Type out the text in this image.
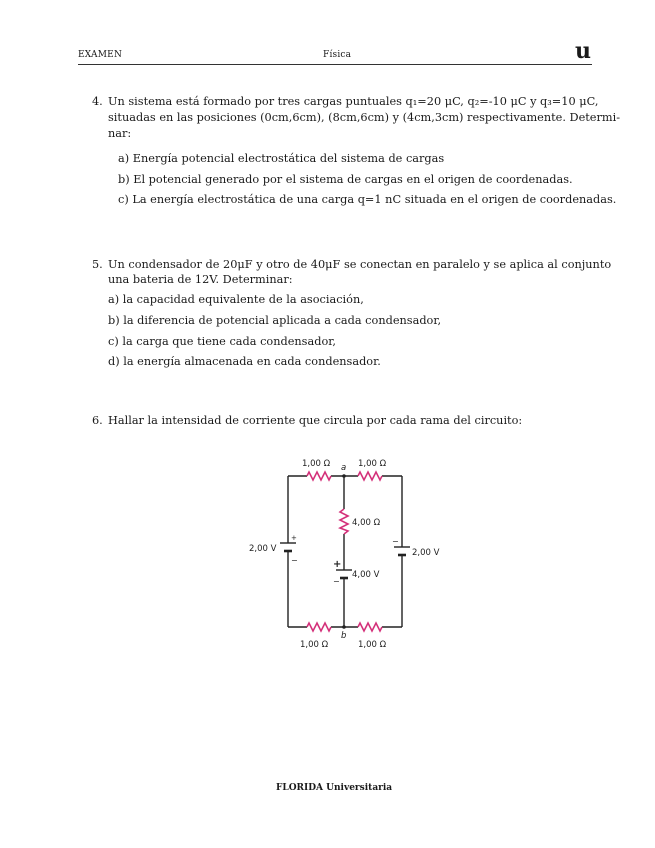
EXAMEN	Física	u
4. Un sistema está formado por tres cargas puntuales q₁=20 μC, q₂=-10 μC y q₃=10 μC,
situadas en las posiciones (0cm,6cm), (8cm,6cm) y (4cm,3cm) respectivamente. Determi-
nar:
a) Energía potencial electrostática del sistema de cargas
b) El potencial generado por el sistema de cargas en el origen de coordenadas.
c) La energía electrostática de una carga q=1 nC situada en el origen de coordenadas.
5. Un condensador de 20μF y otro de 40μF se conectan en paralelo y se aplica al conjunto
una bateria de 12V. Determinar:
a) la capacidad equivalente de la asociación,
b) la diferencia de potencial aplicada a cada condensador,
c) la carga que tiene cada condensador,
d) la energía almacenada en cada condensador.
6. Hallar la intensidad de corriente que circula por cada rama del circuito:
1,00 Ω	1,00 Ω
a
4,00 Ω
2,00 V	2,00 V
4,00 V
+
−
−
+
−
b
1,00 Ω	1,00 Ω
FLORIDA Universitaria
